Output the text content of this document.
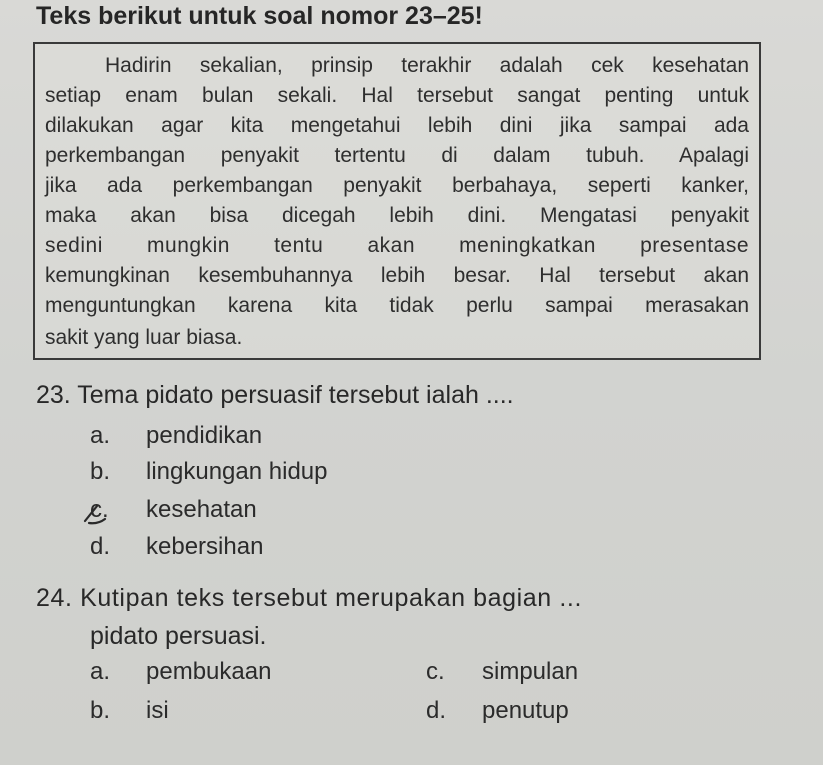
Teks berikut untuk soal nomor 23–25!
Hadirin sekalian, prinsip terakhir adalah cek kesehatan
setiap enam bulan sekali. Hal tersebut sangat penting untuk
dilakukan agar kita mengetahui lebih dini jika sampai ada
perkembangan penyakit tertentu di dalam tubuh. Apalagi
jika ada perkembangan penyakit berbahaya, seperti kanker,
maka akan bisa dicegah lebih dini. Mengatasi penyakit
sedini mungkin tentu akan meningkatkan presentase
kemungkinan kesembuhannya lebih besar. Hal tersebut akan
menguntungkan karena kita tidak perlu sampai merasakan
sakit yang luar biasa.
23. Tema pidato persuasif tersebut ialah ....
a. pendidikan
b. lingkungan hidup
c. kesehatan
d. kebersihan
24. Kutipan teks tersebut merupakan bagian ...
pidato persuasi.
a. pembukaan
b. isi
c. simpulan
d. penutup
